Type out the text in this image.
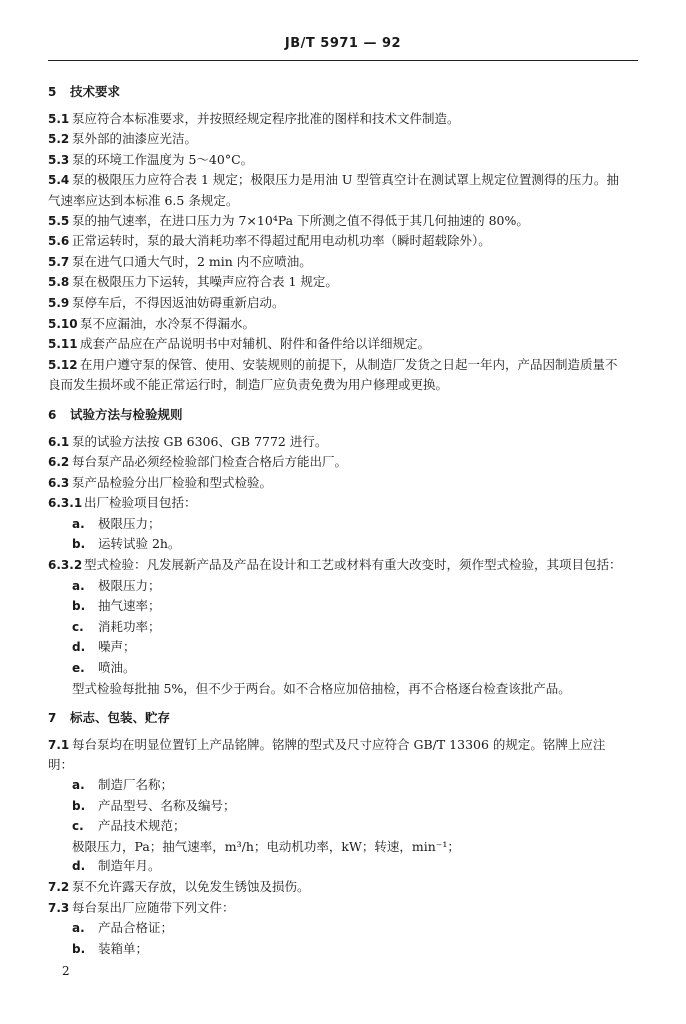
JB/T 5971 — 92
5 技术要求
5.1 泵应符合本标准要求，并按照经规定程序批准的图样和技术文件制造。
5.2 泵外部的油漆应光洁。
5.3 泵的环境工作温度为 5～40°C。
5.4 泵的极限压力应符合表 1 规定；极限压力是用油 U 型管真空计在测试罩上规定位置测得的压力。抽
气速率应达到本标准 6.5 条规定。
5.5 泵的抽气速率，在进口压力为 7×10⁴Pa 下所测之值不得低于其几何抽速的 80%。
5.6 正常运转时，泵的最大消耗功率不得超过配用电动机功率（瞬时超载除外）。
5.7 泵在进气口通大气时，2 min 内不应喷油。
5.8 泵在极限压力下运转，其噪声应符合表 1 规定。
5.9 泵停车后，不得因返油妨碍重新启动。
5.10 泵不应漏油，水冷泵不得漏水。
5.11 成套产品应在产品说明书中对辅机、附件和备件给以详细规定。
5.12 在用户遵守泵的保管、使用、安装规则的前提下，从制造厂发货之日起一年内，产品因制造质量不
良而发生损坏或不能正常运行时，制造厂应负责免费为用户修理或更换。
6 试验方法与检验规则
6.1 泵的试验方法按 GB 6306、GB 7772 进行。
6.2 每台泵产品必须经检验部门检查合格后方能出厂。
6.3 泵产品检验分出厂检验和型式检验。
6.3.1 出厂检验项目包括：
a. 极限压力；
b. 运转试验 2h。
6.3.2 型式检验：凡发展新产品及产品在设计和工艺或材料有重大改变时，须作型式检验，其项目包括：
a. 极限压力；
b. 抽气速率；
c. 消耗功率；
d. 噪声；
e. 喷油。
型式检验每批抽 5%，但不少于两台。如不合格应加倍抽检，再不合格逐台检查该批产品。
7 标志、包装、贮存
7.1 每台泵均在明显位置钉上产品铭牌。铭牌的型式及尺寸应符合 GB/T 13306 的规定。铭牌上应注
明：
a. 制造厂名称；
b. 产品型号、名称及编号；
c. 产品技术规范；
极限压力，Pa；抽气速率，m³/h；电动机功率，kW；转速，min⁻¹；
d. 制造年月。
7.2 泵不允许露天存放，以免发生锈蚀及损伤。
7.3 每台泵出厂应随带下列文件：
a. 产品合格证；
b. 装箱单；
2
